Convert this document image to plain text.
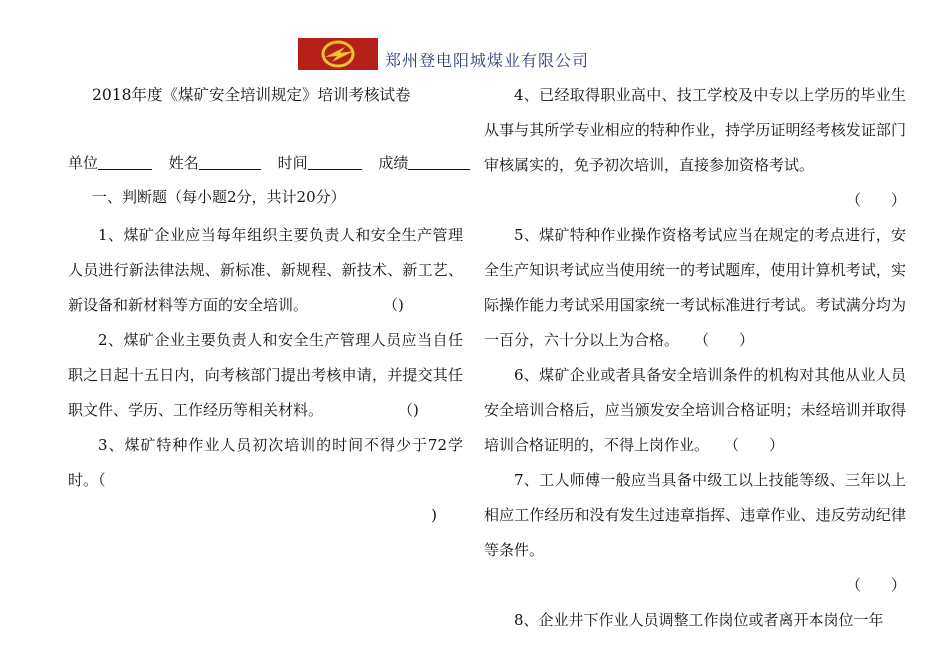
郑州登电阳城煤业有限公司
2018年度《煤矿安全培训规定》培训考核试卷
单位	姓名	时间	成绩
一、判断题（每小题2分，共计20分）

1、煤矿企业应当每年组织主要负责人和安全生产管理人员进行新法律法规、新标准、新规程、新技术、新工艺、新设备和新材料等方面的安全培训。　　　　　　（)

2、煤矿企业主要负责人和安全生产管理人员应当自任职之日起十五日内，向考核部门提出考核申请，并提交其任职文件、学历、工作经历等相关材料。　　　　　　（)

3、煤矿特种作业人员初次培训的时间不得少于72学时。（
)

4、已经取得职业高中、技工学校及中专以上学历的毕业生从事与其所学专业相应的特种作业，持学历证明经考核发证部门审核属实的，免予初次培训，直接参加资格考试。
（　　）

5、煤矿特种作业操作资格考试应当在规定的考点进行，安全生产知识考试应当使用统一的考试题库，使用计算机考试，实际操作能力考试采用国家统一考试标准进行考试。考试满分均为一百分，六十分以上为合格。　　（　　）

6、煤矿企业或者具备安全培训条件的机构对其他从业人员安全培训合格后，应当颁发安全培训合格证明；未经培训并取得培训合格证明的，不得上岗作业。　　（　　）

7、工人师傅一般应当具备中级工以上技能等级、三年以上相应工作经历和没有发生过违章指挥、违章作业、违反劳动纪律等条件。
（　　）

8、企业井下作业人员调整工作岗位或者离开本岗位一年
